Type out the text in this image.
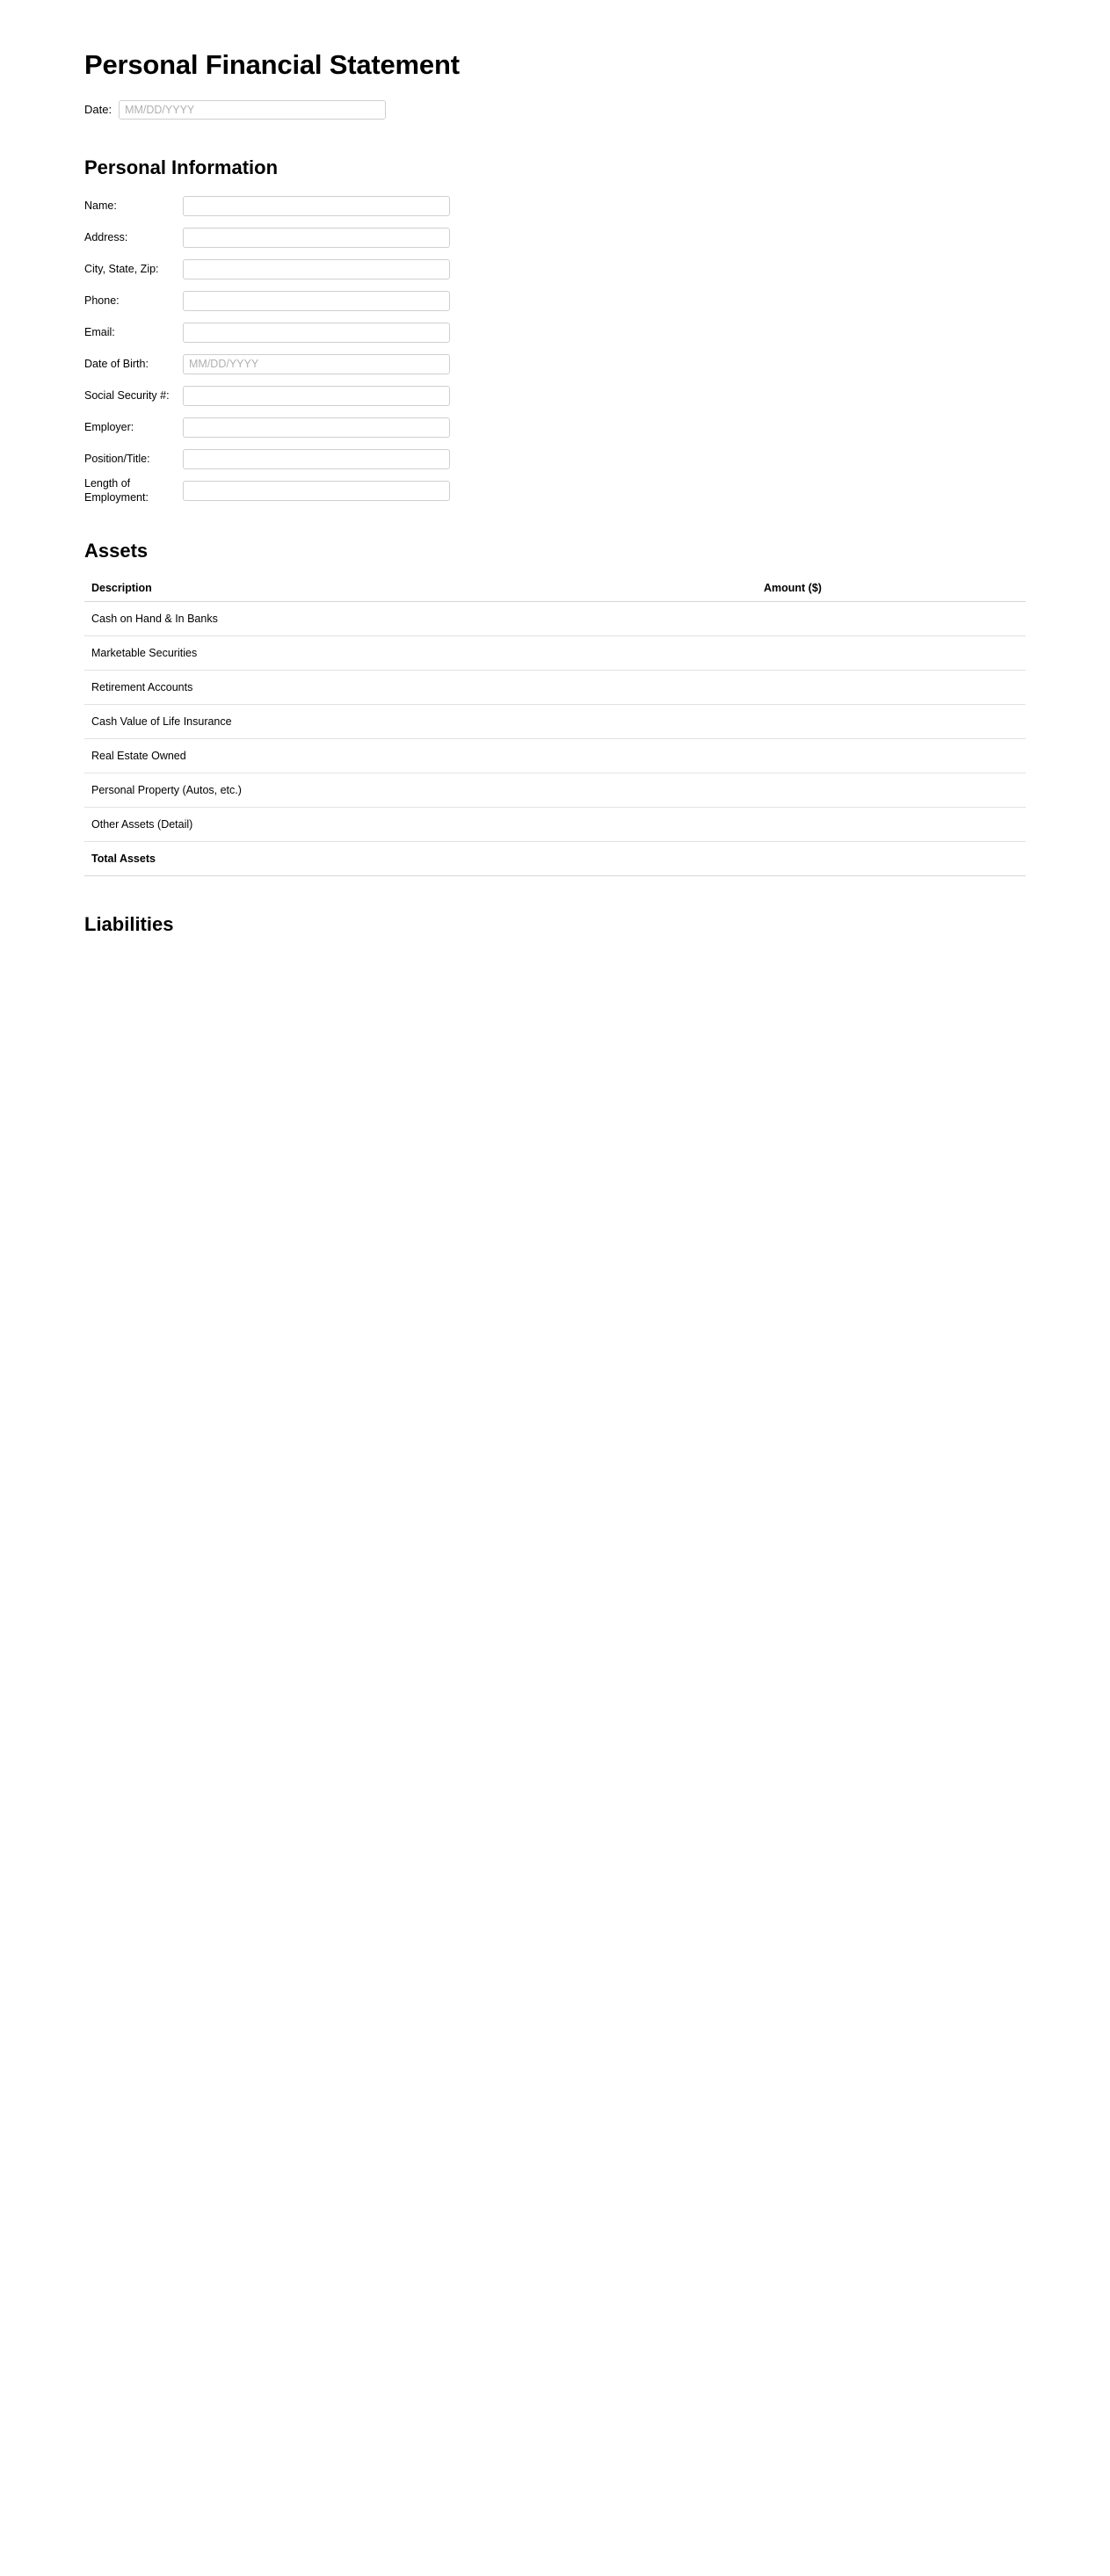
Personal Financial Statement
Date:
MM/DD/YYYY
Personal Information
Name:
Address:
City, State, Zip:
Phone:
Email:
Date of Birth:
MM/DD/YYYY
Social Security #:
Employer:
Position/Title:
Length of Employment:
Assets
Description	Amount ($)
Cash on Hand & In Banks	
Marketable Securities	
Retirement Accounts	
Cash Value of Life Insurance	
Real Estate Owned	
Personal Property (Autos, etc.)	
Other Assets (Detail)	
Total Assets	
Liabilities
